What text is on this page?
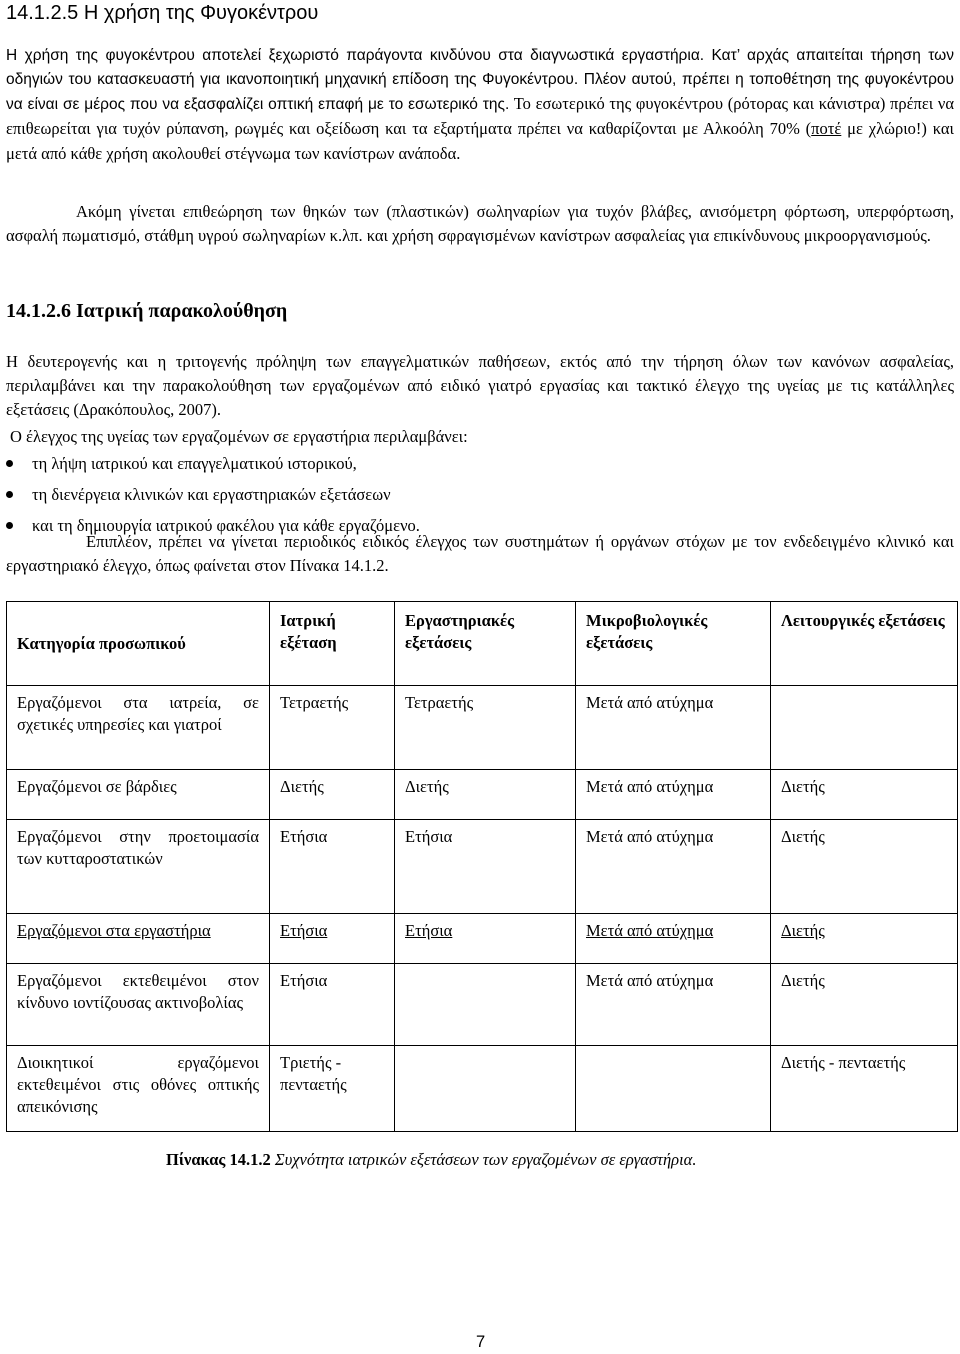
14.1.2.5 Η χρήση της Φυγοκέντρου
Η χρήση της φυγοκέντρου αποτελεί ξεχωριστό παράγοντα κινδύνου στα διαγνωστικά εργαστήρια. Κατ’ αρχάς απαιτείται τήρηση των οδηγιών του κατασκευαστή για ικανοποιητική μηχανική επίδοση της Φυγοκέντρου. Πλέον αυτού, πρέπει η τοποθέτηση της φυγοκέντρου να είναι σε μέρος που να εξασφαλίζει οπτική επαφή με το εσωτερικό της. Το εσωτερικό της φυγοκέντρου (ρότορας και κάνιστρα) πρέπει να επιθεωρείται για τυχόν ρύπανση, ρωγμές και οξείδωση και τα εξαρτήματα πρέπει να καθαρίζονται με Αλκοόλη 70% (ποτέ με χλώριο!) και μετά από κάθε χρήση ακολουθεί στέγνωμα των κανίστρων ανάποδα.
Ακόμη γίνεται επιθεώρηση των θηκών των (πλαστικών) σωληναρίων για τυχόν βλάβες, ανισόμετρη φόρτωση, υπερφόρτωση, ασφαλή πωματισμό, στάθμη υγρού σωληναρίων κ.λπ. και χρήση σφραγισμένων κανίστρων ασφαλείας για επικίνδυνους μικροοργανισμούς.
14.1.2.6 Ιατρική παρακολούθηση
Η δευτερογενής και η τριτογενής πρόληψη των επαγγελματικών παθήσεων, εκτός από την τήρηση όλων των κανόνων ασφαλείας, περιλαμβάνει και την παρακολούθηση των εργαζομένων από ειδικό γιατρό εργασίας και τακτικό έλεγχο της υγείας με τις κατάλληλες εξετάσεις (Δρακόπουλος, 2007).
Ο έλεγχος της υγείας των εργαζομένων σε εργαστήρια περιλαμβάνει:
τη λήψη ιατρικού και επαγγελματικού ιστορικού,
τη διενέργεια κλινικών και εργαστηριακών εξετάσεων
και τη δημιουργία ιατρικού φακέλου για κάθε εργαζόμενο.
Επιπλέον, πρέπει να γίνεται περιοδικός ειδικός έλεγχος των συστημάτων ή οργάνων στόχων με τον ενδεδειγμένο κλινικό και εργαστηριακό έλεγχο, όπως φαίνεται στον Πίνακα 14.1.2.
Κατηγορία προσωπικού	Ιατρική εξέταση	Εργαστηριακές εξετάσεις	Μικροβιολογικές εξετάσεις	Λειτουργικές εξετάσεις
Εργαζόμενοι στα ιατρεία, σε σχετικές υπηρεσίες και γιατροί	Τετραετής	Τετραετής	Μετά από ατύχημα	
Εργαζόμενοι σε βάρδιες	Διετής	Διετής	Μετά από ατύχημα	Διετής
Εργαζόμενοι στην προετοιμασία των κυτταροστατικών	Ετήσια	Ετήσια	Μετά από ατύχημα	Διετής
Εργαζόμενοι στα εργαστήρια	Ετήσια	Ετήσια	Μετά από ατύχημα	Διετής
Εργαζόμενοι εκτεθειμένοι στον κίνδυνο ιοντίζουσας ακτινοβολίας	Ετήσια		Μετά από ατύχημα	Διετής
Διοικητικοί εργαζόμενοι εκτεθειμένοι στις οθόνες οπτικής απεικόνισης	Τριετής - πενταετής			Διετής - πενταετής
Πίνακας 14.1.2 Συχνότητα ιατρικών εξετάσεων των εργαζομένων σε εργαστήρια.
7
